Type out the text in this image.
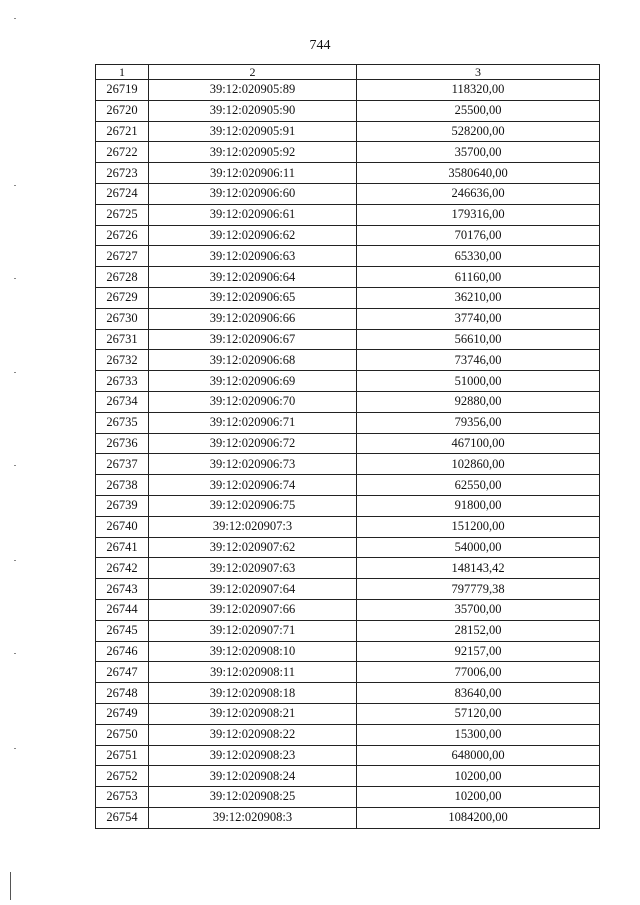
744
1	2	3
26719	39:12:020905:89	118320,00
26720	39:12:020905:90	25500,00
26721	39:12:020905:91	528200,00
26722	39:12:020905:92	35700,00
26723	39:12:020906:11	3580640,00
26724	39:12:020906:60	246636,00
26725	39:12:020906:61	179316,00
26726	39:12:020906:62	70176,00
26727	39:12:020906:63	65330,00
26728	39:12:020906:64	61160,00
26729	39:12:020906:65	36210,00
26730	39:12:020906:66	37740,00
26731	39:12:020906:67	56610,00
26732	39:12:020906:68	73746,00
26733	39:12:020906:69	51000,00
26734	39:12:020906:70	92880,00
26735	39:12:020906:71	79356,00
26736	39:12:020906:72	467100,00
26737	39:12:020906:73	102860,00
26738	39:12:020906:74	62550,00
26739	39:12:020906:75	91800,00
26740	39:12:020907:3	151200,00
26741	39:12:020907:62	54000,00
26742	39:12:020907:63	148143,42
26743	39:12:020907:64	797779,38
26744	39:12:020907:66	35700,00
26745	39:12:020907:71	28152,00
26746	39:12:020908:10	92157,00
26747	39:12:020908:11	77006,00
26748	39:12:020908:18	83640,00
26749	39:12:020908:21	57120,00
26750	39:12:020908:22	15300,00
26751	39:12:020908:23	648000,00
26752	39:12:020908:24	10200,00
26753	39:12:020908:25	10200,00
26754	39:12:020908:3	1084200,00
